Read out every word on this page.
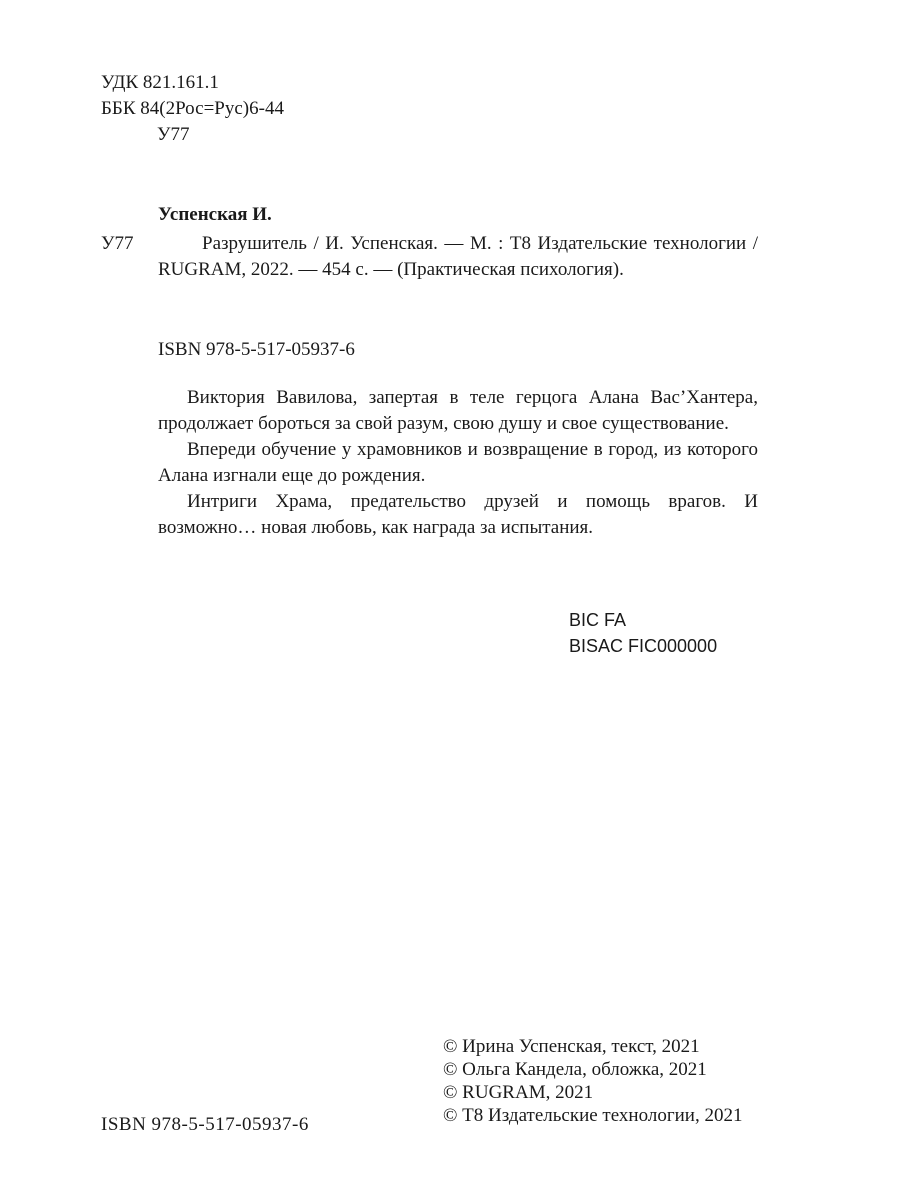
УДК 821.161.1
ББК 84(2Рос=Рус)6-44
У77
Успенская И.
У77	Разрушитель / И. Успенская. — М. : Т8 Издательские технологии / RUGRAM, 2022. — 454 с. — (Практическая психология).
ISBN 978-5-517-05937-6

Виктория Вавилова, запертая в теле герцога Алана Вас’Хантера, продолжает бороться за свой разум, свою душу и свое существование.

Впереди обучение у храмовников и возвращение в город, из которого Алана изгнали еще до рождения.

Интриги Храма, предательство друзей и помощь врагов. И возможно… новая любовь, как награда за испытания.

BIC FA
BISAC FIC000000
© Ирина Успенская, текст, 2021
© Ольга Кандела, обложка, 2021
© RUGRAM, 2021
© Т8 Издательские технологии, 2021
ISBN 978-5-517-05937-6
